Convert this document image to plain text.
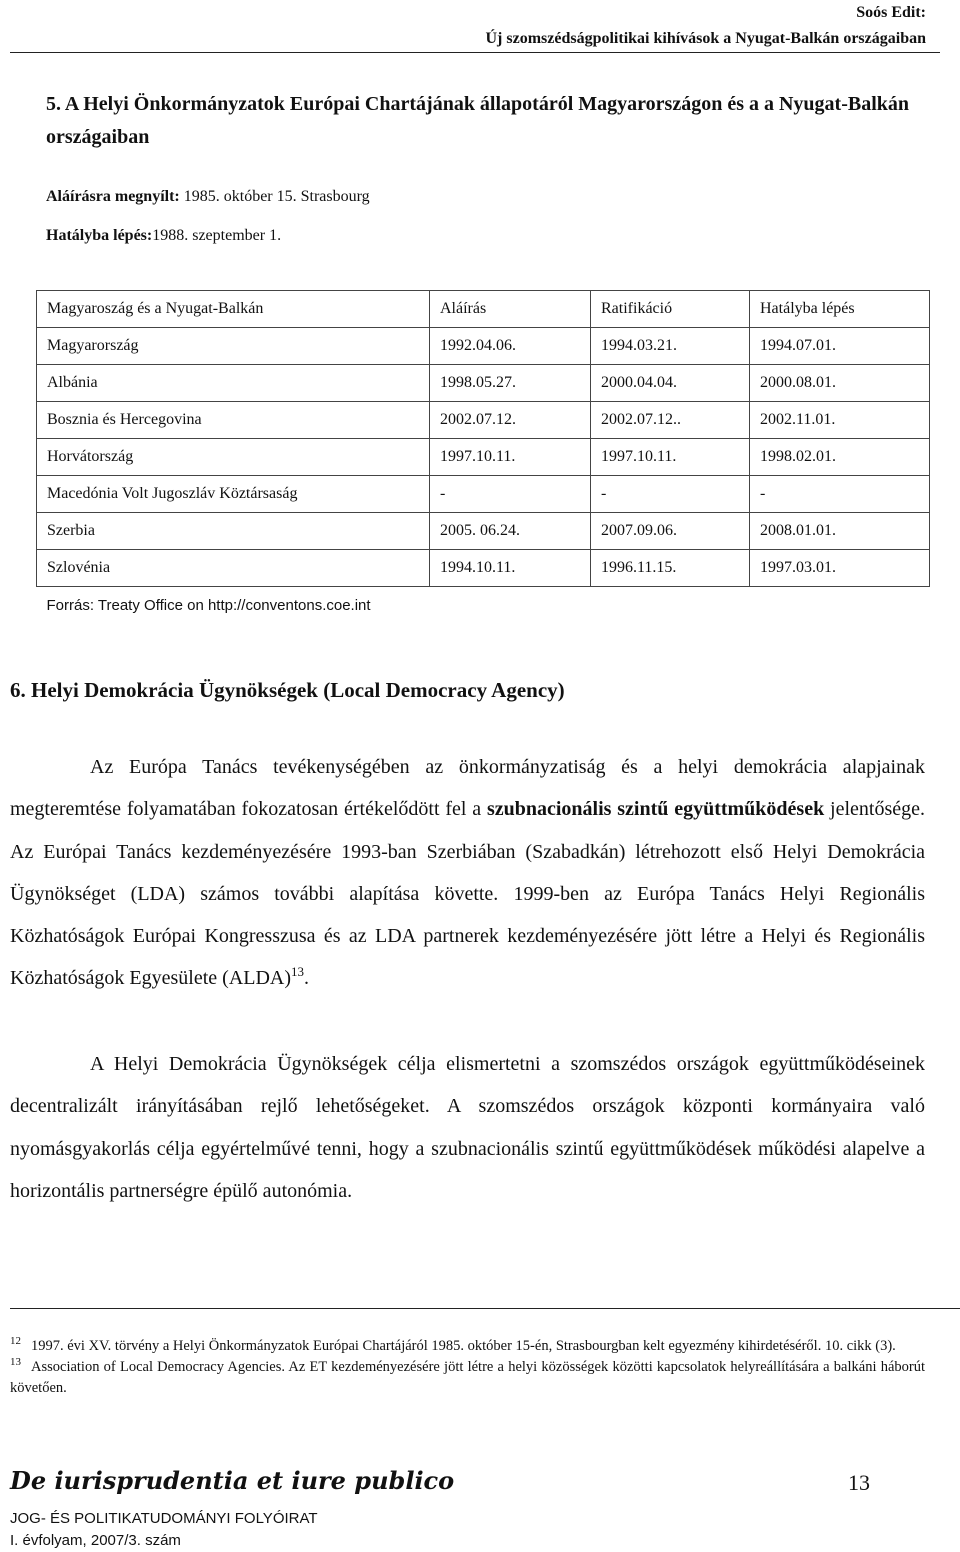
Soós Edit:
Új szomszédságpolitikai kihívások a Nyugat-Balkán országaiban
5. A Helyi Önkormányzatok Európai Chartájának állapotáról Magyarországon és a a Nyugat-Balkán országaiban
Aláírásra megnyílt: 1985. október 15. Strasbourg
Hatályba lépés:1988. szeptember 1.
Magyaroszág és a Nyugat-Balkán	Aláírás	Ratifikáció	Hatályba lépés
Magyarország	1992.04.06.	1994.03.21.	1994.07.01.
Albánia	1998.05.27.	2000.04.04.	2000.08.01.
Bosznia és Hercegovina	2002.07.12.	2002.07.12..	2002.11.01.
Horvátország	1997.10.11.	1997.10.11.	1998.02.01.
Macedónia Volt Jugoszláv Köztársaság	-	-	-
Szerbia	2005. 06.24.	2007.09.06.	2008.01.01.
Szlovénia	1994.10.11.	1996.11.15.	1997.03.01.
Forrás: Treaty Office on http://conventons.coe.int			
6. Helyi Demokrácia Ügynökségek (Local Democracy Agency)

Az Európa Tanács tevékenységében az önkormányzatiság és a helyi demokrácia alapjainak megteremtése folyamatában fokozatosan értékelődött fel a szubnacionális szintű együttműködések jelentősége. Az Európai Tanács kezdeményezésére 1993-ban Szerbiában (Szabadkán) létrehozott első Helyi Demokrácia Ügynökséget (LDA) számos további alapítása követte. 1999-ben az Európa Tanács Helyi Regionális Közhatóságok Európai Kongresszusa és az LDA partnerek kezdeményezésére jött létre a Helyi és Regionális Közhatóságok Egyesülete (ALDA)$^{13}$.

A Helyi Demokrácia Ügynökségek célja elismertetni a szomszédos országok együttműködéseinek decentralizált irányításában rejlő lehetőségeket. A szomszédos országok központi kormányaira való nyomásgyakorlás célja egyértelművé tenni, hogy a szubnacionális szintű együttműködések működési alapelve a horizontális partnerségre épülő autonómia.

$^{12}$ 1997. évi XV. törvény a Helyi Önkormányzatok Európai Chartájáról 1985. október 15-én, Strasbourgban kelt egyezmény kihirdetéséről. 10. cikk (3).

$^{13}$ Association of Local Democracy Agencies. Az ET kezdeményezésére jött létre a helyi közösségek közötti kapcsolatok helyreállítására a balkáni háborút követően.

De iurisprudentia et iure publico
JOG- ÉS POLITIKATUDOMÁNYI FOLYÓIRAT
I. évfolyam, 2007/3. szám
13
